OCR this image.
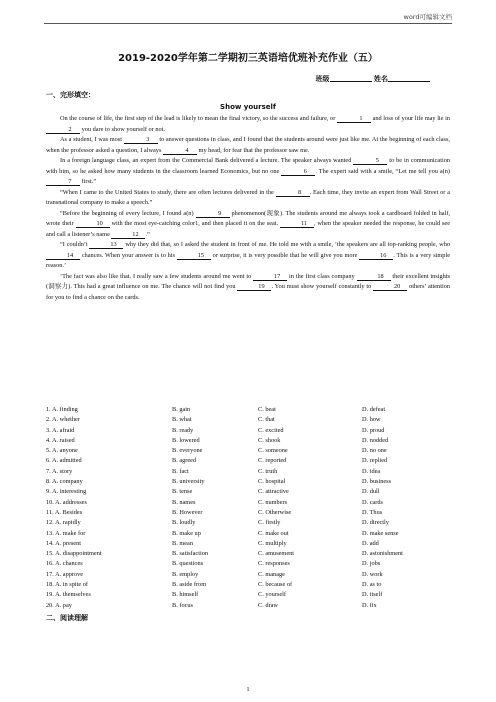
word可编辑文档
2019-2020学年第二学期初三英语培优班补充作业（五）
班级	姓名
一、完形填空：
Show yourself

On the course of life, the first step of the lead is likely to mean the final victory, so the success and failure, or	1 and loss of your life may lie in 2 you dare to show yourself or not.

As a student, I was most	3 to answer questions in class, and I found that the students around were just like me. At the beginning of each class, when the professor asked a question, I always	4 my head, for fear that the professor saw me.

In a foreign language class, an expert from the Commercial Bank delivered a lecture. The speaker always wanted	5 to be in communication with him, so he asked how many students in the classroom learned Economics, but no one	6 . The expert said with a smile, “Let me tell you a(n) 7 first.”

“When I came to the United States to study, there are often lectures delivered in the	8 . Each time, they invite an expert from Wall Street or a transnational company to make a speech.”

“Before the beginning of every lecture, I found a(n)	9 phenomenon(现象). The students around me always took a cardboard folded in half, wrote their	10 with the most eye-catching color1, and then placed it on the seat.	11 , when the speaker needed the response, he could see and call a listener’s name	12 .”

“I couldn’t	13 why they did that, so I asked the student in front of me. He told me with a smile, ‘the speakers are all top-ranking people, who 14 chances. When your answer is to his	15 or surprise, it is very possible that he will give you more	16 . This is a very simple reason.’

‘The fact was also like that. I really saw a few students around me went to	17 in the first class company	18 their excellent insights (洞察力). This had a great influence on me. The chance will not find you	19 . You must show yourself constantly to	20 others’ attention for you to find a chance on the cards.

1. A. finding	B. gain	C. beat	D. defeat
2. A. whether	B. what	C. that	D. how
3. A. afraid	B. ready	C. excited	D. proud
4. A. raised	B. lowered	C. shook	D. nodded
5. A. anyone	B. everyone	C. someone	D. no one
6. A. admitted	B. agreed	C. reported	D. replied
7. A. story	B. fact	C. truth	D. idea
8. A. company	B. university	C. hospital	D. business
9. A. interesting	B. tense	C. attractive	D. dull
10. A. addresses	B. names	C. numbers	D. cards
11. A. Besides	B. However	C. Otherwise	D. Thus
12. A. rapidly	B. loudly	C. firstly	D. directly
13. A. make for	B. make up	C. make out	D. make sense
14. A. present	B. mean	C. multiply	D. add
15. A. disappointment	B. satisfaction	C. amusement	D. astonishment
16. A. chances	B. questions	C. responses	D. jobs
17. A. approve	B. employ	C. manage	D. work
18. A. in spite of	B. aside from	C. because of	D. as to
19. A. themselves	B. himself	C. yourself	D. itself
20. A. pay	B. focus	C. draw	D. fix
二、阅读理解
1
